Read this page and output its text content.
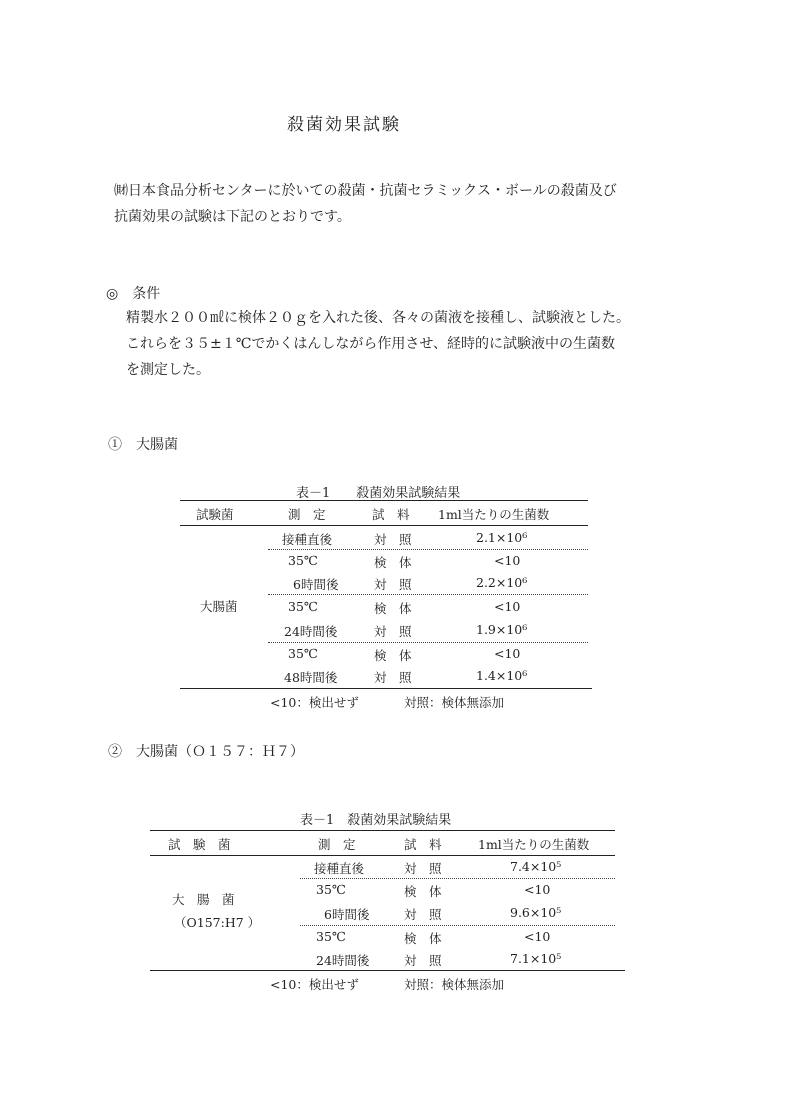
殺菌効果試験
㈶日本食品分析センターに於いての殺菌・抗菌セラミックス・ボールの殺菌及び
抗菌効果の試験は下記のとおりです。
◎　条件
精製水２００㎖に検体２０ｇを入れた後、各々の菌液を接種し、試験液とした。
これらを３５±１℃でかくはんしながら作用させ、経時的に試験液中の生菌数
を測定した。
①　大腸菌
表－1　　殺菌効果試験結果
試験菌	測　定	試　料 1ml当たりの生菌数
大腸菌
接種直後	対　照	2.1×10⁶
35℃	検　体	<10
6時間後	対　照	2.2×10⁶
35℃	検　体	<10
24時間後	対　照	1.9×10⁶
35℃	検　体	<10
48時間後	対　照	1.4×10⁶
<10：検出せず	対照：検体無添加
②　大腸菌（Ｏ１５７：Ｈ７）
表－1　殺菌効果試験結果
試　験　菌	測　定	試　料	1ml当たりの生菌数
大　腸　菌
（O157:H7 ）
接種直後	対　照	7.4×10⁵
35℃	検　体	<10
6時間後	対　照	9.6×10⁵
35℃	検　体	<10
24時間後	対　照	7.1×10⁵
<10：検出せず	対照：検体無添加
